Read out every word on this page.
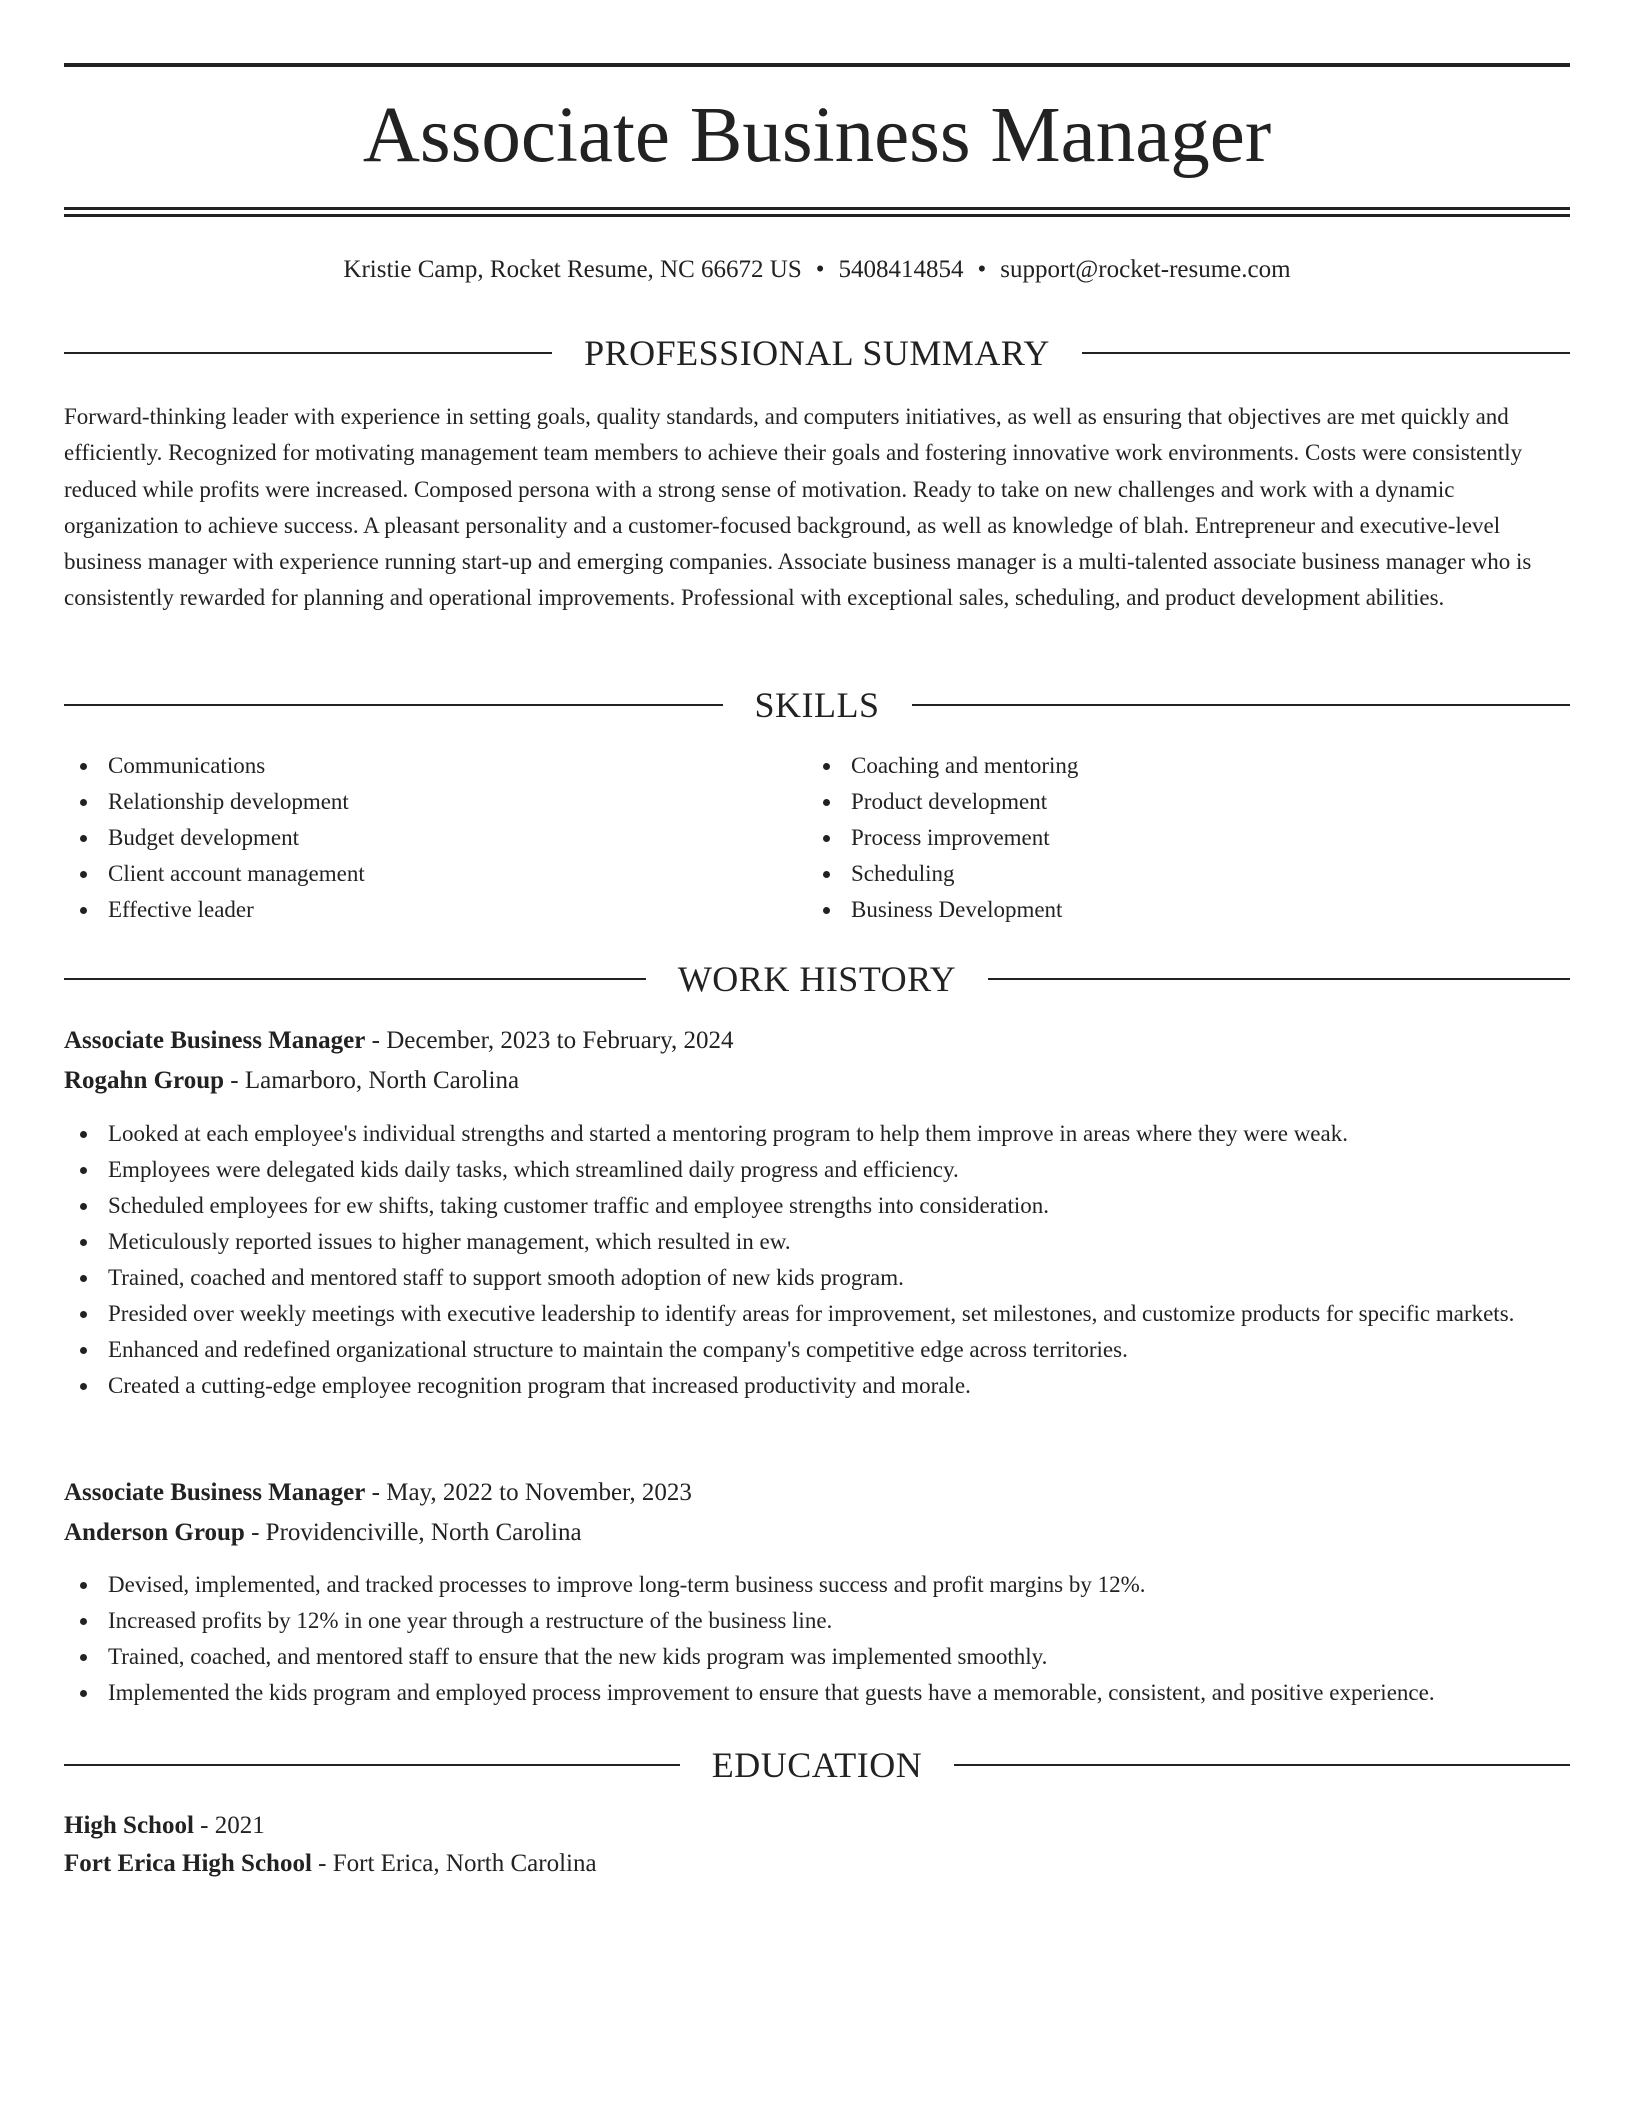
Associate Business Manager
Kristie Camp, Rocket Resume, NC 66672 US • 5408414854 • support@rocket-resume.com
PROFESSIONAL SUMMARY

Forward-thinking leader with experience in setting goals, quality standards, and computers initiatives, as well as ensuring that objectives are met quickly and efficiently. Recognized for motivating management team members to achieve their goals and fostering innovative work environments. Costs were consistently reduced while profits were increased. Composed persona with a strong sense of motivation. Ready to take on new challenges and work with a dynamic organization to achieve success. A pleasant personality and a customer-focused background, as well as knowledge of blah. Entrepreneur and executive-level business manager with experience running start-up and emerging companies. Associate business manager is a multi-talented associate business manager who is consistently rewarded for planning and operational improvements. Professional with exceptional sales, scheduling, and product development abilities.

SKILLS
Communications
Relationship development
Budget development
Client account management
Effective leader
Coaching and mentoring
Product development
Process improvement
Scheduling
Business Development
WORK HISTORY
Associate Business Manager - December, 2023 to February, 2024
Rogahn Group - Lamarboro, North Carolina
Looked at each employee's individual strengths and started a mentoring program to help them improve in areas where they were weak.
Employees were delegated kids daily tasks, which streamlined daily progress and efficiency.
Scheduled employees for ew shifts, taking customer traffic and employee strengths into consideration.
Meticulously reported issues to higher management, which resulted in ew.
Trained, coached and mentored staff to support smooth adoption of new kids program.
Presided over weekly meetings with executive leadership to identify areas for improvement, set milestones, and customize products for specific markets.
Enhanced and redefined organizational structure to maintain the company's competitive edge across territories.
Created a cutting-edge employee recognition program that increased productivity and morale.
Associate Business Manager - May, 2022 to November, 2023
Anderson Group - Providenciville, North Carolina
Devised, implemented, and tracked processes to improve long-term business success and profit margins by 12%.
Increased profits by 12% in one year through a restructure of the business line.
Trained, coached, and mentored staff to ensure that the new kids program was implemented smoothly.
Implemented the kids program and employed process improvement to ensure that guests have a memorable, consistent, and positive experience.
EDUCATION
High School - 2021
Fort Erica High School - Fort Erica, North Carolina
